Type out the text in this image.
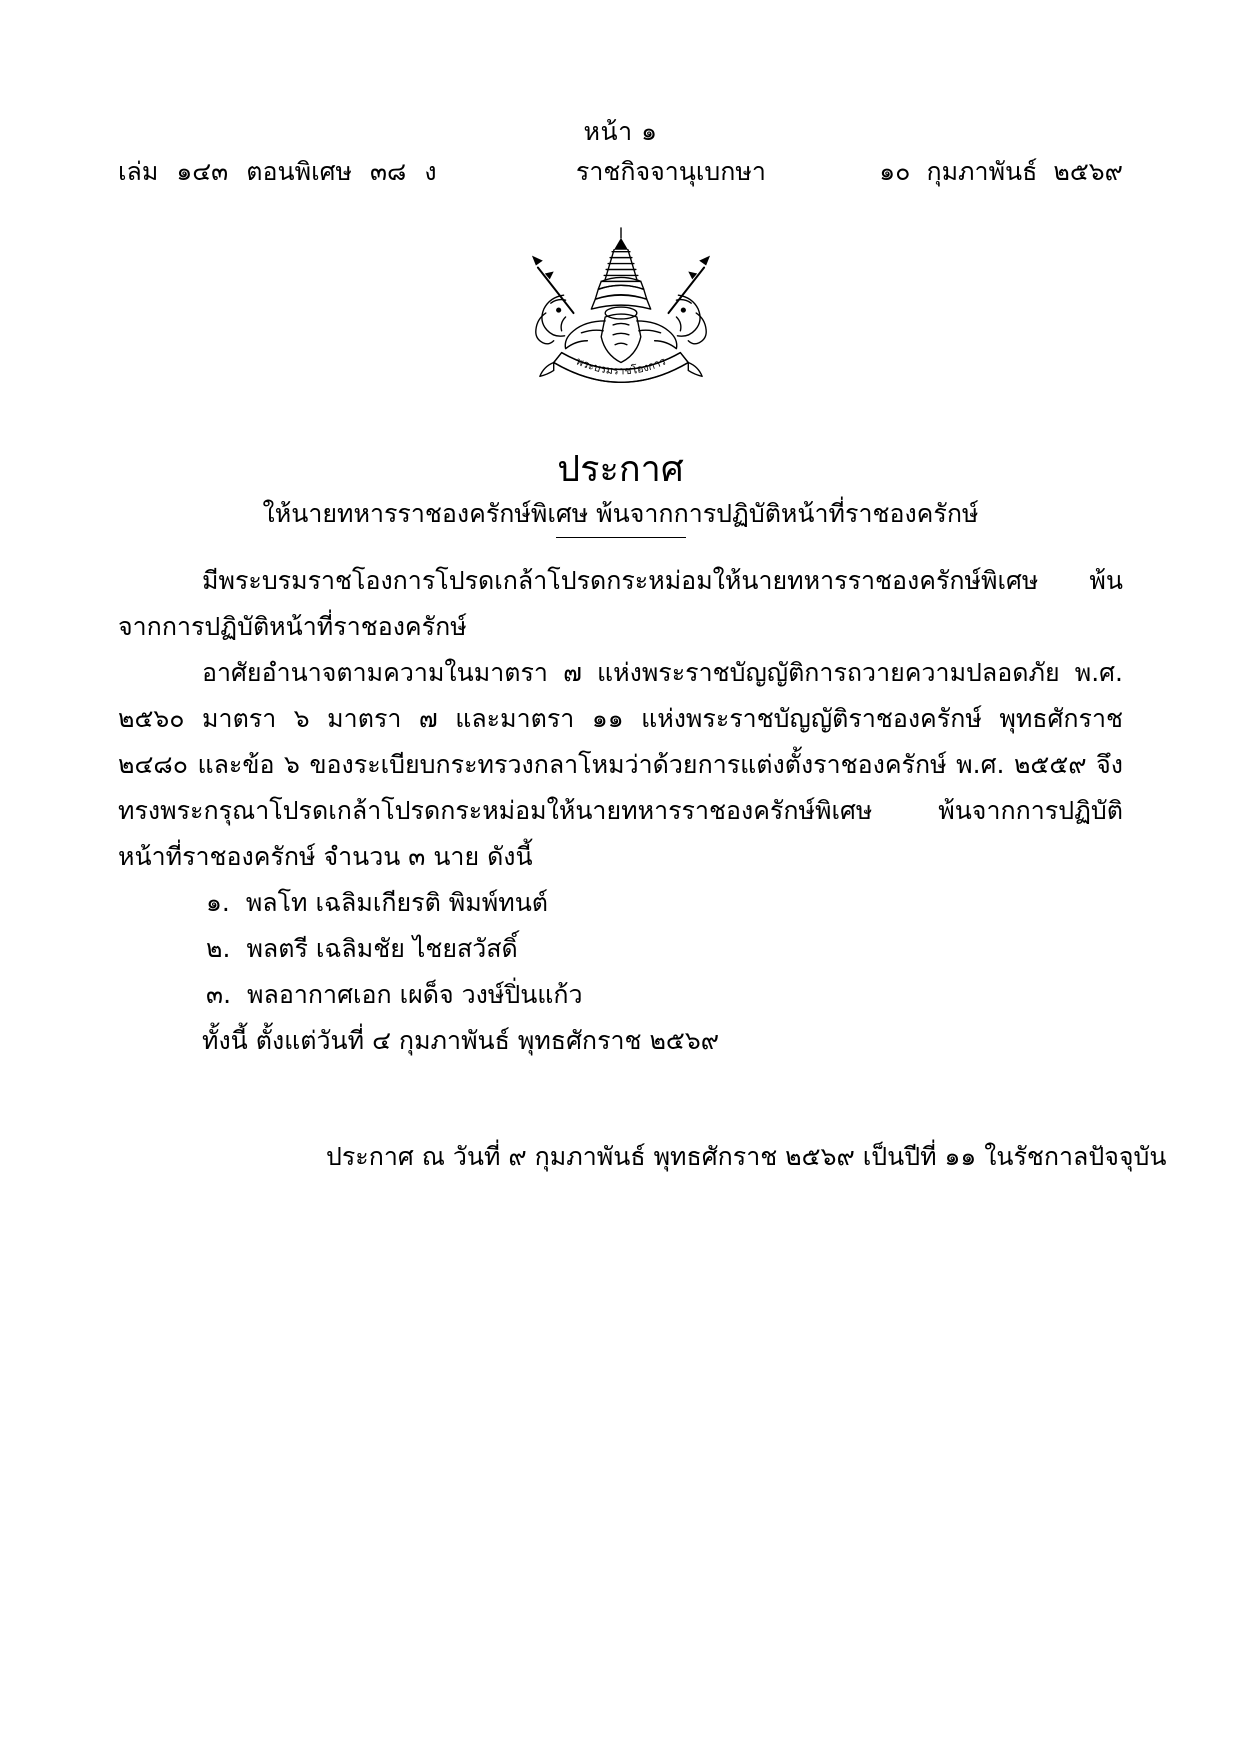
หน้า ๑
เล่ม ๑๔๓ ตอนพิเศษ ๓๘ ง	ราชกิจจานุเบกษา	๑๐ กุมภาพันธ์ ๒๕๖๙
พระบรมราชโองการ
ประกาศ
ให้นายทหารราชองครักษ์พิเศษ พ้นจากการปฏิบัติหน้าที่ราชองครักษ์

มีพระบรมราชโองการโปรดเกล้าโปรดกระหม่อมให้นายทหารราชองครักษ์พิเศษ พ้นจากการปฏิบัติหน้าที่ราชองครักษ์

อาศัยอำนาจตามความในมาตรา ๗ แห่งพระราชบัญญัติการถวายความปลอดภัย พ.ศ. ๒๕๖๐ มาตรา ๖ มาตรา ๗ และมาตรา ๑๑ แห่งพระราชบัญญัติราชองครักษ์ พุทธศักราช ๒๔๘๐ และข้อ ๖ ของระเบียบกระทรวงกลาโหมว่าด้วยการแต่งตั้งราชองครักษ์ พ.ศ. ๒๕๕๙ จึงทรงพระกรุณาโปรดเกล้าโปรดกระหม่อมให้นายทหารราชองครักษ์พิเศษ พ้นจากการปฏิบัติหน้าที่ราชองครักษ์ จำนวน ๓ นาย ดังนี้

๑. พลโท เฉลิมเกียรติ พิมพ์ทนต์
๒. พลตรี เฉลิมชัย ไชยสวัสดิ์
๓. พลอากาศเอก เผด็จ วงษ์ปิ่นแก้ว
ทั้งนี้ ตั้งแต่วันที่ ๔ กุมภาพันธ์ พุทธศักราช ๒๕๖๙
ประกาศ ณ วันที่ ๙ กุมภาพันธ์ พุทธศักราช ๒๕๖๙ เป็นปีที่ ๑๑ ในรัชกาลปัจจุบัน
